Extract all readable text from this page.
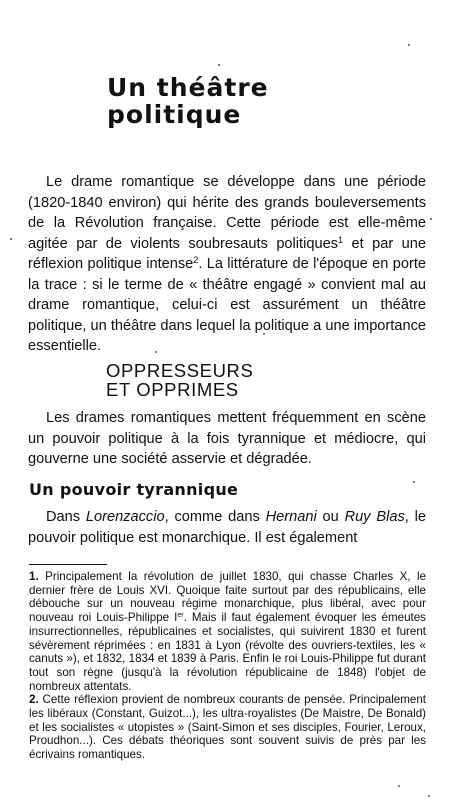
Un théâtre
politique

Le drame romantique se développe dans une période (1820-1840 environ) qui hérite des grands bouleversements de la Révolution française. Cette période est elle-même agitée par de violents soubresauts politiques$^1$ et par une réflexion politique intense$^2$. La littérature de l'époque en porte la trace : si le terme de « théâtre engagé » convient mal au drame romantique, celui-ci est assurément un théâtre politique, un théâtre dans lequel la politique a une importance essentielle.

OPPRESSEURS
ET OPPRIMES

Les drames romantiques mettent fréquemment en scène un pouvoir politique à la fois tyrannique et médiocre, qui gouverne une société asservie et dégradée.

Un pouvoir tyrannique

Dans Lorenzaccio, comme dans Hernani ou Ruy Blas, le pouvoir politique est monarchique. Il est également

1. Principalement la révolution de juillet 1830, qui chasse Charles X, le dernier frère de Louis XVI. Quoique faite surtout par des républicains, elle débouche sur un nouveau régime monarchique, plus libéral, avec pour nouveau roi Louis-Philippe Ier. Mais il faut également évoquer les émeutes insurrectionnelles, républicaines et socialistes, qui suivirent 1830 et furent sévèrement réprimées : en 1831 à Lyon (révolte des ouvriers-textiles, les « canuts »), et 1832, 1834 et 1839 à Paris. Enfin le roi Louis-Philippe fut durant tout son règne (jusqu'à la révolution républicaine de 1848) l'objet de nombreux attentats.

2. Cette réflexion provient de nombreux courants de pensée. Principalement les libéraux (Constant, Guizot...), les ultra-royalistes (De Maistre, De Bonald) et les socialistes « utopistes » (Saint-Simon et ses disciples, Fourier, Leroux, Proudhon...). Ces débats théoriques sont souvent suivis de près par les écrivains romantiques.
